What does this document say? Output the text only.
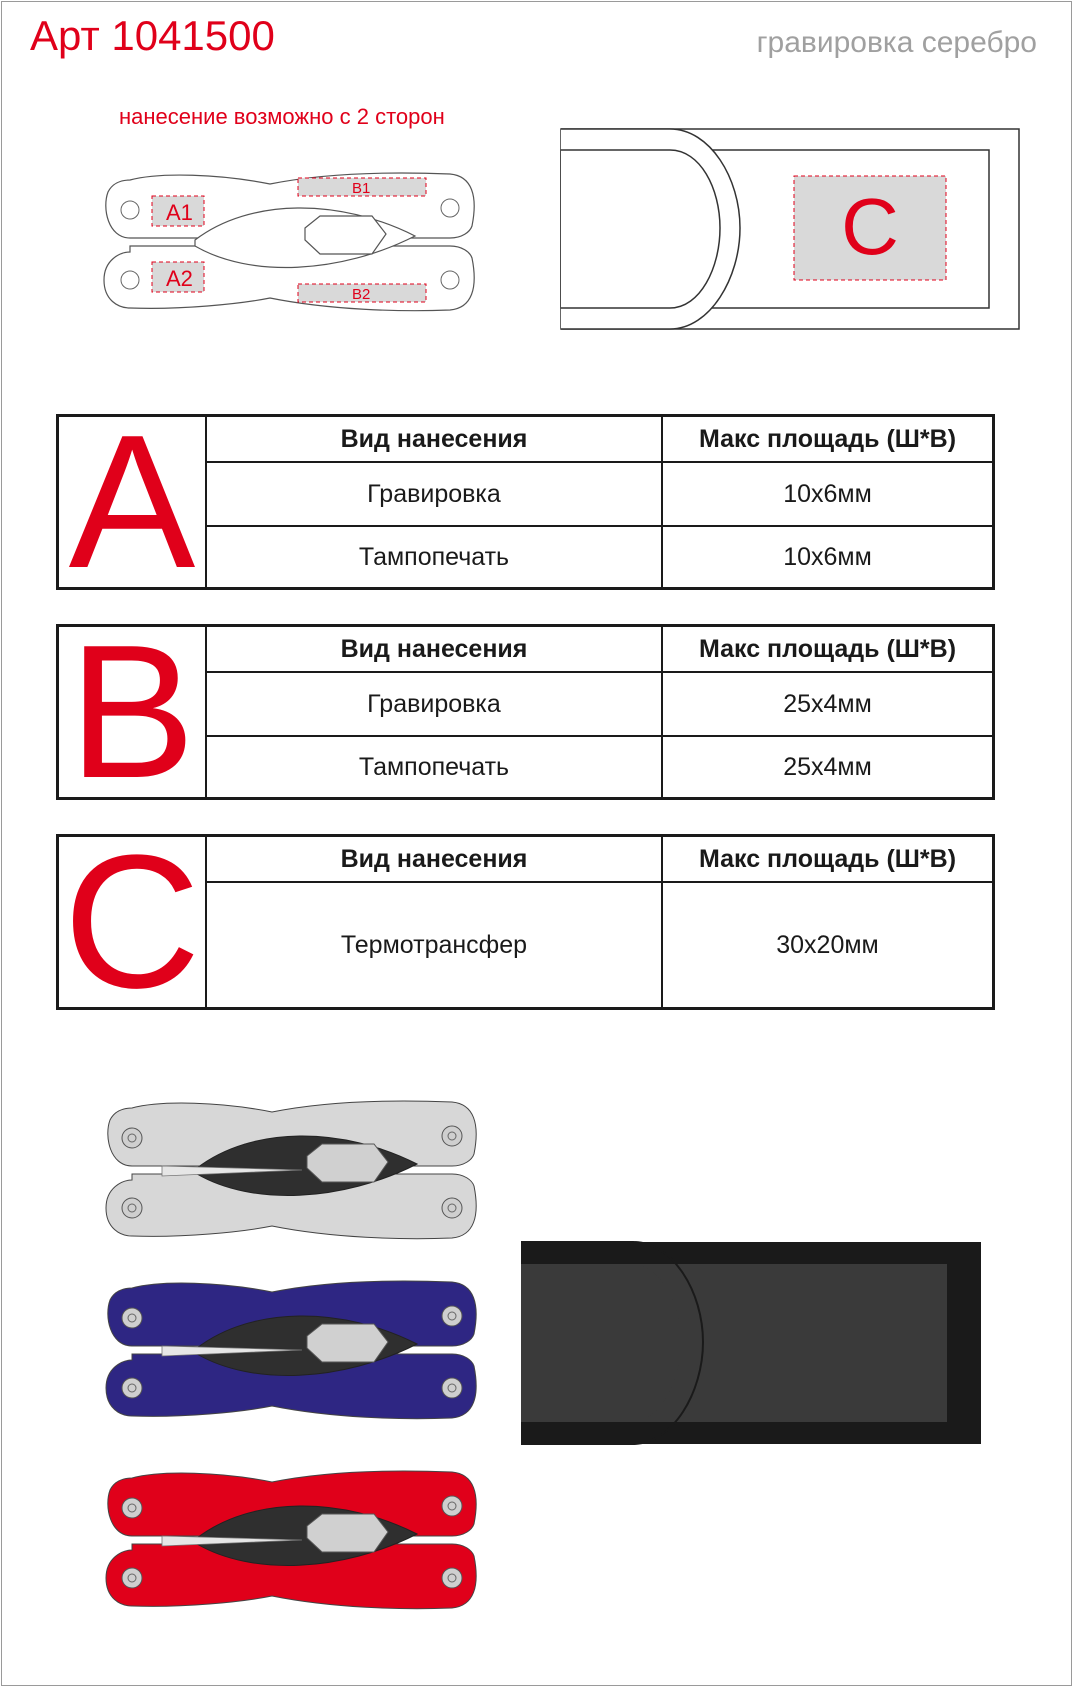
Арт 1041500	гравировка серебро
нанесение возможно с 2 сторон
A1
B1
A2
B2
C
A	Вид нанесения	Макс площадь (Ш*В)
Гравировка	10х6мм
Тампопечать	10х6мм
B	Вид нанесения	Макс площадь (Ш*В)
Гравировка	25х4мм
Тампопечать	25х4мм
C	Вид нанесения	Макс площадь (Ш*В)
Термотрансфер	30х20мм
